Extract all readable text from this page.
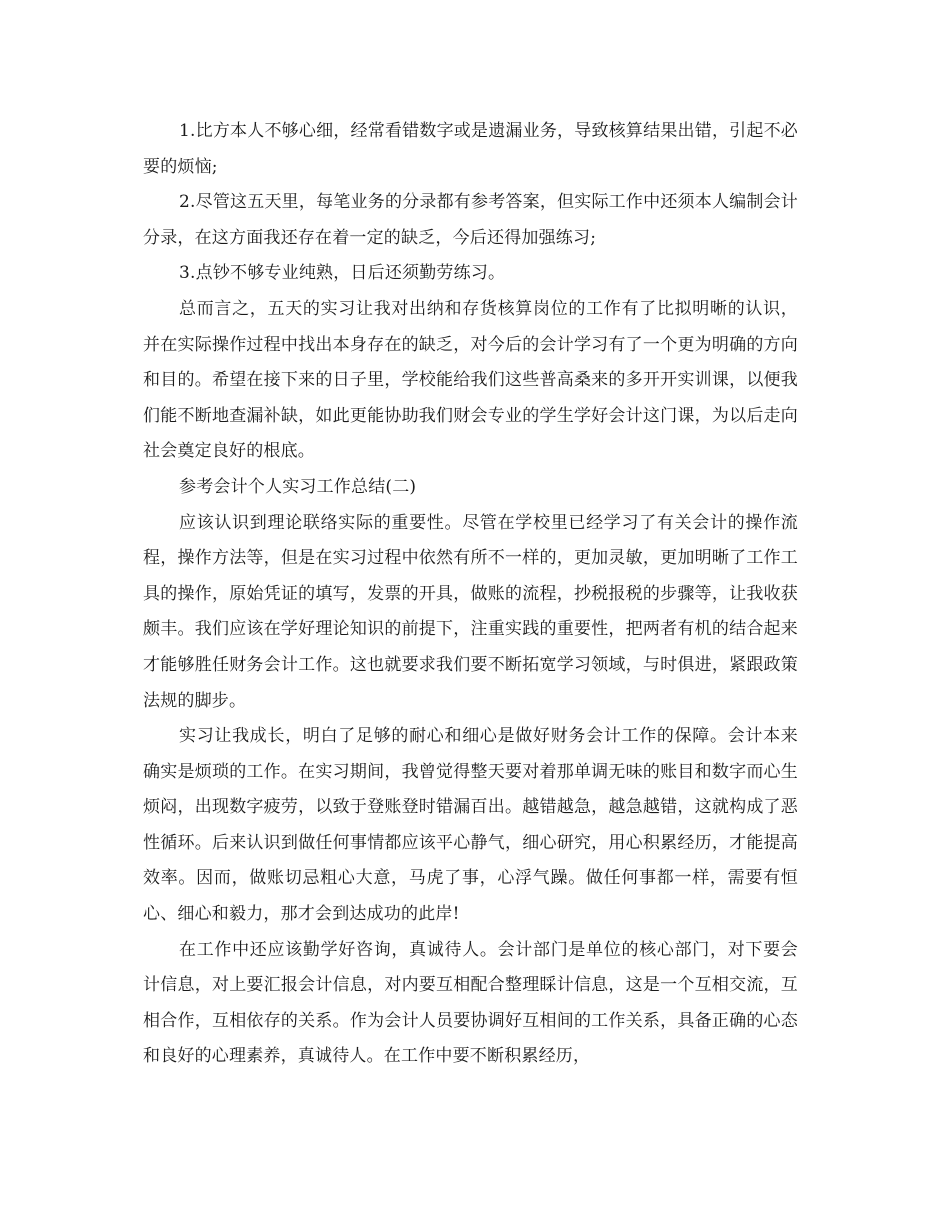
1.比方本人不够心细，经常看错数字或是遗漏业务，导致核算结果出错，引起不必要的烦恼;

2.尽管这五天里，每笔业务的分录都有参考答案，但实际工作中还须本人编制会计分录，在这方面我还存在着一定的缺乏，今后还得加强练习;

3.点钞不够专业纯熟，日后还须勤劳练习。

总而言之，五天的实习让我对出纳和存货核算岗位的工作有了比拟明晰的认识，并在实际操作过程中找出本身存在的缺乏，对今后的会计学习有了一个更为明确的方向和目的。希望在接下来的日子里，学校能给我们这些普高桑来的多开开实训课，以便我们能不断地查漏补缺，如此更能协助我们财会专业的学生学好会计这门课，为以后走向社会奠定良好的根底。

参考会计个人实习工作总结(二)

应该认识到理论联络实际的重要性。尽管在学校里已经学习了有关会计的操作流程，操作方法等，但是在实习过程中依然有所不一样的，更加灵敏，更加明晰了工作工具的操作，原始凭证的填写，发票的开具，做账的流程，抄税报税的步骤等，让我收获颇丰。我们应该在学好理论知识的前提下，注重实践的重要性，把两者有机的结合起来才能够胜任财务会计工作。这也就要求我们要不断拓宽学习领域，与时俱进，紧跟政策法规的脚步。

实习让我成长，明白了足够的耐心和细心是做好财务会计工作的保障。会计本来确实是烦琐的工作。在实习期间，我曾觉得整天要对着那单调无味的账目和数字而心生烦闷，出现数字疲劳，以致于登账登时错漏百出。越错越急，越急越错，这就构成了恶性循环。后来认识到做任何事情都应该平心静气，细心研究，用心积累经历，才能提高效率。因而，做账切忌粗心大意，马虎了事，心浮气躁。做任何事都一样，需要有恒心、细心和毅力，那才会到达成功的此岸!

在工作中还应该勤学好咨询，真诚待人。会计部门是单位的核心部门，对下要会计信息，对上要汇报会计信息，对内要互相配合整理睬计信息，这是一个互相交流，互相合作，互相依存的关系。作为会计人员要协调好互相间的工作关系，具备正确的心态和良好的心理素养，真诚待人。在工作中要不断积累经历，
